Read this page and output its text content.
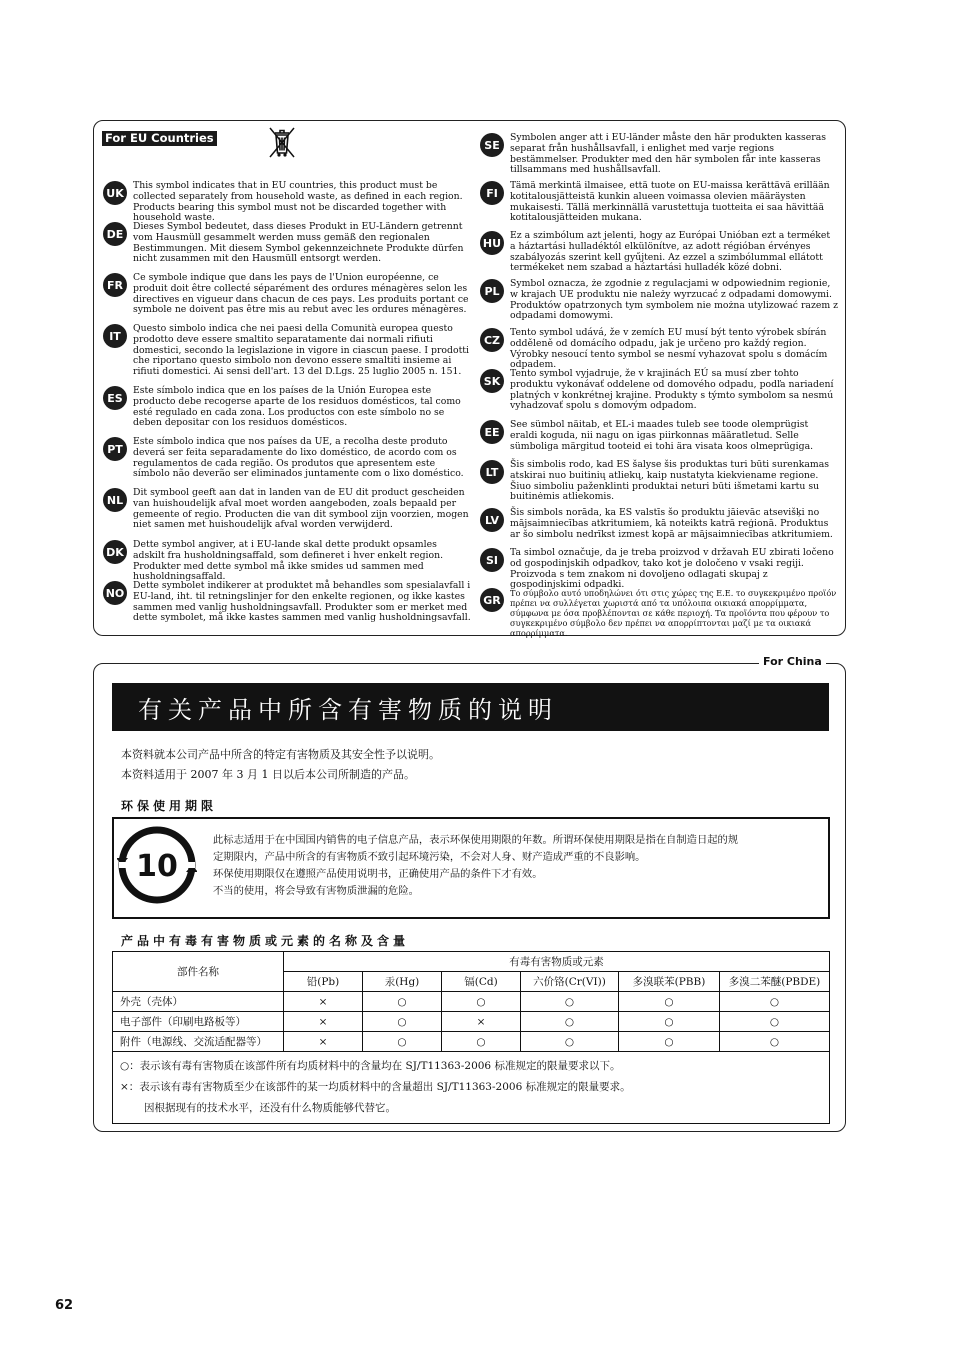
For EU Countries
UK

This symbol indicates that in EU countries, this product must be collected separately from household waste, as defined in each region. Products bearing this symbol must not be discarded together with household waste.

DE

Dieses Symbol bedeutet, dass dieses Produkt in EU-Ländern getrennt vom Hausmüll gesammelt werden muss gemäß den regionalen Bestimmungen. Mit diesem Symbol gekennzeichnete Produkte dürfen nicht zusammen mit den Hausmüll entsorgt werden.

FR

Ce symbole indique que dans les pays de l'Union européenne, ce produit doit être collecté séparément des ordures ménagères selon les directives en vigueur dans chacun de ces pays. Les produits portant ce symbole ne doivent pas être mis au rebut avec les ordures ménagères.

IT

Questo simbolo indica che nei paesi della Comunità europea questo prodotto deve essere smaltito separatamente dai normali rifiuti domestici, secondo la legislazione in vigore in ciascun paese. I prodotti che riportano questo simbolo non devono essere smaltiti insieme ai rifiuti domestici. Ai sensi dell'art. 13 del D.Lgs. 25 luglio 2005 n. 151.

ES

Este símbolo indica que en los países de la Unión Europea este producto debe recogerse aparte de los residuos domésticos, tal como esté regulado en cada zona. Los productos con este símbolo no se deben depositar con los residuos domésticos.

PT

Este símbolo indica que nos países da UE, a recolha deste produto deverá ser feita separadamente do lixo doméstico, de acordo com os regulamentos de cada região. Os produtos que apresentem este símbolo não deverão ser eliminados juntamente com o lixo doméstico.

NL

Dit symbool geeft aan dat in landen van de EU dit product gescheiden van huishoudelijk afval moet worden aangeboden, zoals bepaald per gemeente of regio. Producten die van dit symbool zijn voorzien, mogen niet samen met huishoudelijk afval worden verwijderd.

DK

Dette symbol angiver, at i EU-lande skal dette produkt opsamles adskilt fra husholdningsaffald, som defineret i hver enkelt region. Produkter med dette symbol må ikke smides ud sammen med husholdningsaffald.

NO

Dette symbolet indikerer at produktet må behandles som spesialavfall i EU-land, iht. til retningslinjer for den enkelte regionen, og ikke kastes sammen med vanlig husholdningsavfall. Produkter som er merket med dette symbolet, må ikke kastes sammen med vanlig husholdningsavfall.

SE

Symbolen anger att i EU-länder måste den här produkten kasseras separat från hushållsavfall, i enlighet med varje regions bestämmelser. Produkter med den här symbolen får inte kasseras tillsammans med hushållsavfall.

FI

Tämä merkintä ilmaisee, että tuote on EU-maissa kerättävä erillään kotitalousjätteistä kunkin alueen voimassa olevien määräysten mukaisesti. Tällä merkinnällä varustettuja tuotteita ei saa hävittää kotitalousjätteiden mukana.

HU

Ez a szimbólum azt jelenti, hogy az Európai Unióban ezt a terméket a háztartási hulladéktól elkülönítve, az adott régióban érvényes szabályozás szerint kell gyűjteni. Az ezzel a szimbólummal ellátott termékeket nem szabad a háztartási hulladék közé dobni.

PL

Symbol oznacza, że zgodnie z regulacjami w odpowiednim regionie, w krajach UE produktu nie należy wyrzucać z odpadami domowymi. Produktów opatrzonych tym symbolem nie można utylizować razem z odpadami domowymi.

CZ

Tento symbol udává, že v zemích EU musí být tento výrobek sbírán odděleně od domácího odpadu, jak je určeno pro každý region. Výrobky nesoucí tento symbol se nesmí vyhazovat spolu s domácím odpadem.

SK

Tento symbol vyjadruje, že v krajinách EÚ sa musí zber tohto produktu vykonávať oddelene od domového odpadu, podľa nariadení platných v konkrétnej krajine. Produkty s týmto symbolom sa nesmú vyhadzovať spolu s domovým odpadom.

EE

See sümbol näitab, et EL-i maades tuleb see toode olemprügist eraldi koguda, nii nagu on igas piirkonnas määratletud. Selle sümboliga märgitud tooteid ei tohi ära visata koos olmeprügiga.

LT

Šis simbolis rodo, kad ES šalyse šis produktas turi būti surenkamas atskirai nuo buitinių atliekų, kaip nustatyta kiekviename regione. Šiuo simboliu paženklinti produktai neturi būti išmetami kartu su buitinėmis atliekomis.

LV

Šis simbols norāda, ka ES valstīs šo produktu jāievāc atsevišķi no mājsaimniecības atkritumiem, kā noteikts katrā reģionā. Produktus ar šo simbolu nedrīkst izmest kopā ar mājsaimniecības atkritumiem.

SI

Ta simbol označuje, da je treba proizvod v državah EU zbirati ločeno od gospodinjskih odpadkov, tako kot je določeno v vsaki regiji. Proizvoda s tem znakom ni dovoljeno odlagati skupaj z gospodinjskimi odpadki.

GR

Το σύμβολο αυτό υποδηλώνει ότι στις χώρες της Ε.Ε. το συγκεκριμένο προϊόν πρέπει να συλλέγεται χωριστά από τα υπόλοιπα οικιακά απορρίμματα, σύμφωνα με όσα προβλέπονται σε κάθε περιοχή. Τα προϊόντα που φέρουν το συγκεκριμένο σύμβολο δεν πρέπει να απορρίπτονται μαζί με τα οικιακά απορρίμματα.

For China
有关产品中所含有害物质的说明

本资料就本公司产品中所含的特定有害物质及其安全性予以说明。

本资料适用于 2007 年 3 月 1 日以后本公司所制造的产品。

环保使用期限
10

此标志适用于在中国国内销售的电子信息产品，表示环保使用期限的年数。所谓环保使用期限是指在自制造日起的规

定期限内，产品中所含的有害物质不致引起环境污染，不会对人身、财产造成严重的不良影响。

环保使用期限仅在遵照产品使用说明书，正确使用产品的条件下才有效。

不当的使用，将会导致有害物质泄漏的危险。

产品中有毒有害物质或元素的名称及含量
部件名称	有毒有害物质或元素					
	铅(Pb)	汞(Hg)	镉(Cd)	六价铬(Cr(VI))	多溴联苯(PBB)	多溴二苯醚(PBDE)
外壳（壳体）	×	○	○	○	○	○
电子部件（印刷电路板等）	×	○	×	○	○	○
附件（电源线、交流适配器等）	×	○	○	○	○	○

○：表示该有毒有害物质在该部件所有均质材料中的含量均在 SJ/T11363-2006 标准规定的限量要求以下。
×：表示该有毒有害物质至少在该部件的某一均质材料中的含量超出 SJ/T11363-2006 标准规定的限量要求。
因根据现有的技术水平，还没有什么物质能够代替它。						
62
